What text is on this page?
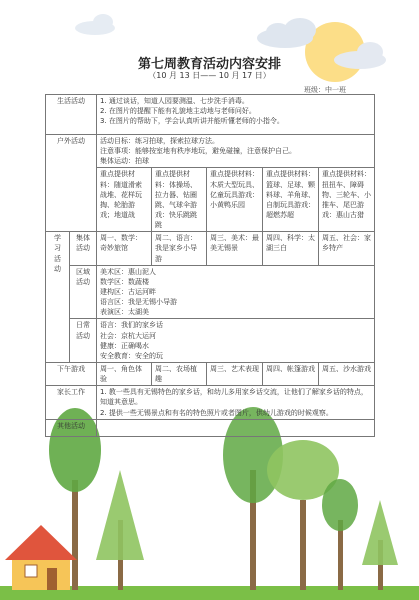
第七周教育活动内容安排
（10 月 13 日—— 10 月 17 日）
班级：中一班
生活活动		1. 通过谈话，知道人园要测温、七步洗手消毒。
2. 在图片的提醒下能有礼貌地主动地与老师问好。
3. 在图片的帮助下，学会认真听讲并能听懂老师的小指令。				

户外活动		活动目标：练习拍球，探索拉球方法。
注意事项：能够按室地有秩序地玩，避免碰撞，注意保护自己。
集体运动：拍球				

		重点提供材料：随道滑索战堆、花样玩掏、轮胎游戏；地道战	重点提供材料：体操场、拉力器、钻圈跳、气球伞游戏：快乐跳跳跳	重点提供材料：木质大型玩具、亿童玩具游戏：小黄鸭乐园	重点提供材料：篮球、足球、颗料球、羊角球、自制玩具游戏：超燃苏超	重点提供材料：扭扭车、障碍物、三轮车、小推车、尾巴游戏：惠山古猎

学习活动	集体活动	周一、数学：奇妙旅馆	周二、语言：我是家乡小导游	周三、美术：最美无锡景	周四、科学：太湖三白	周五、社会：家乡特产

	区域活动	美术区：惠山泥人
数学区：数蔬楼
建构区：古运河畔
语言区：我是无锡小导游
表演区：太湖美				

	日常活动	语言：我们的家乡话
社会：京杭大运河
健康：正确喝水
安全教育：安全的玩				

下午游戏		周一、角色体验	周二、农场植趣	周三、艺术表现	周四、帐篷游戏	周五、沙水游戏

家长工作		1. 教一些具有无锡特色的家乡话，和幼儿多用家乡话交流，让他们了解家乡话的特点，知道其意思。
2. 提供一些无锡景点和有名的特色照片或者图片，供幼儿游戏的时候观察。				

其他活动						
